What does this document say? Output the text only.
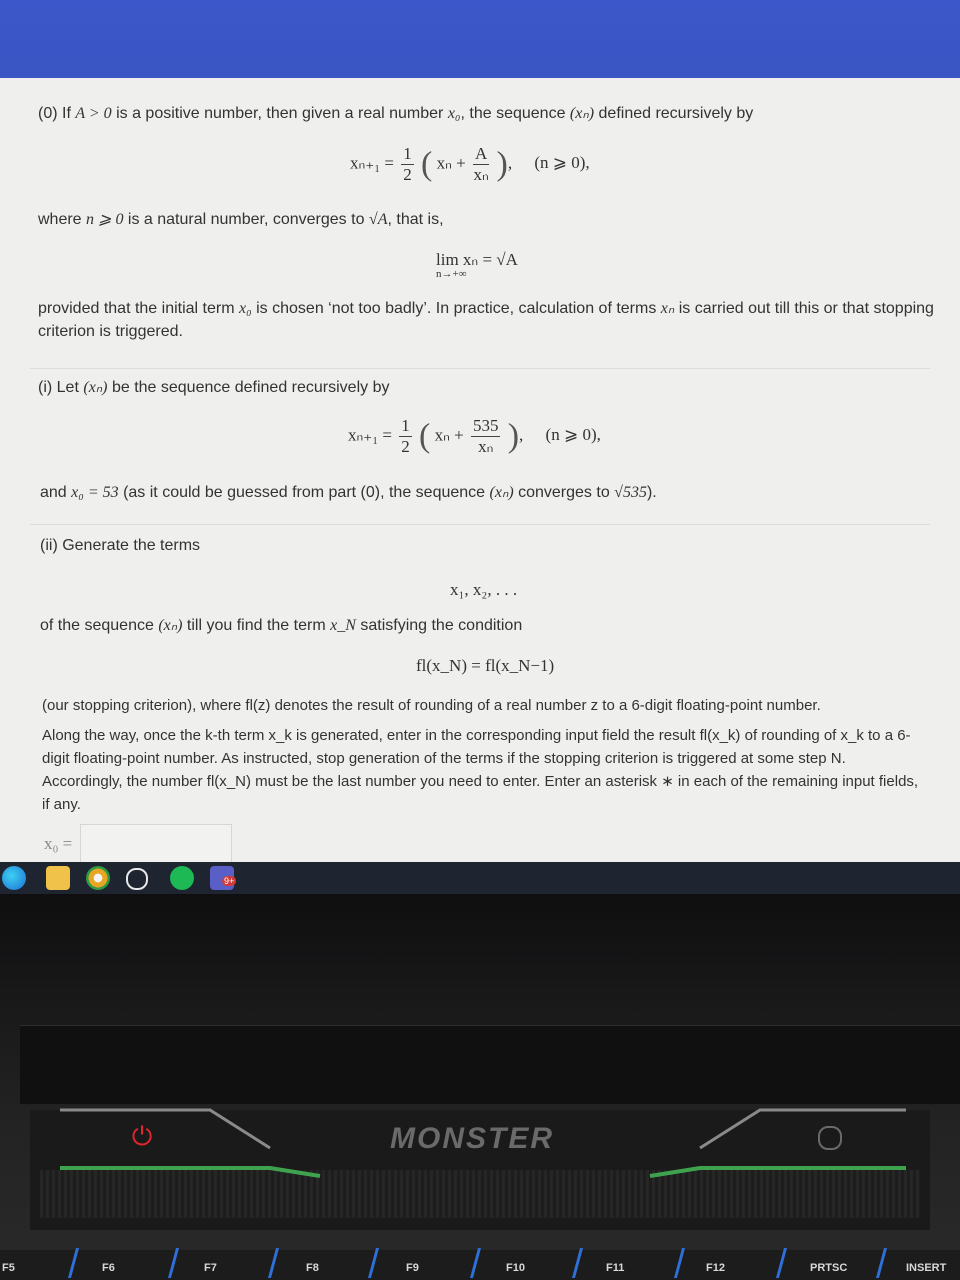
(0) If A > 0 is a positive number, then given a real number x₀, the sequence (xₙ) defined recursively by
$x_{n+1} = \frac{1}{2}$ ( $x_n + \frac{A}{\text{xₙ}}$ ), (n ⩾ 0),
where n ⩾ 0 is a natural number, converges to √A, that is,
lim xₙ = √A
n→+∞
provided that the initial term x₀ is chosen ‘not too badly’. In practice, calculation of terms xₙ is carried out till this or that stopping
criterion is triggered.
(i) Let (xₙ) be the sequence defined recursively by
$x_{n+1} = \frac{1}{2}$ ( $x_n + \frac{535}{\text{xₙ}}$ ), (n ⩾ 0),
and x₀ = 53 (as it could be guessed from part (0), the sequence (xₙ) converges to √535).
(ii) Generate the terms
x₁, x₂, . . .
of the sequence (xₙ) till you find the term x_N satisfying the condition
fl(x_N) = fl(x_N−1)
(our stopping criterion), where fl(z) denotes the result of rounding of a real number z to a 6-digit floating-point number.
Along the way, once the k-th term x_k is generated, enter in the corresponding input field the result fl(x_k) of rounding of x_k to a 6-
digit floating-point number. As instructed, stop generation of the terms if the stopping criterion is triggered at some step N.
Accordingly, the number fl(x_N) must be the last number you need to enter. Enter an asterisk ∗ in each of the remaining input fields,
if any.
x₀ =
9+
⏻	MONSTER
F5	F6	F7	F8	F9	F10	F11	F12	PRTSC	INSERT
